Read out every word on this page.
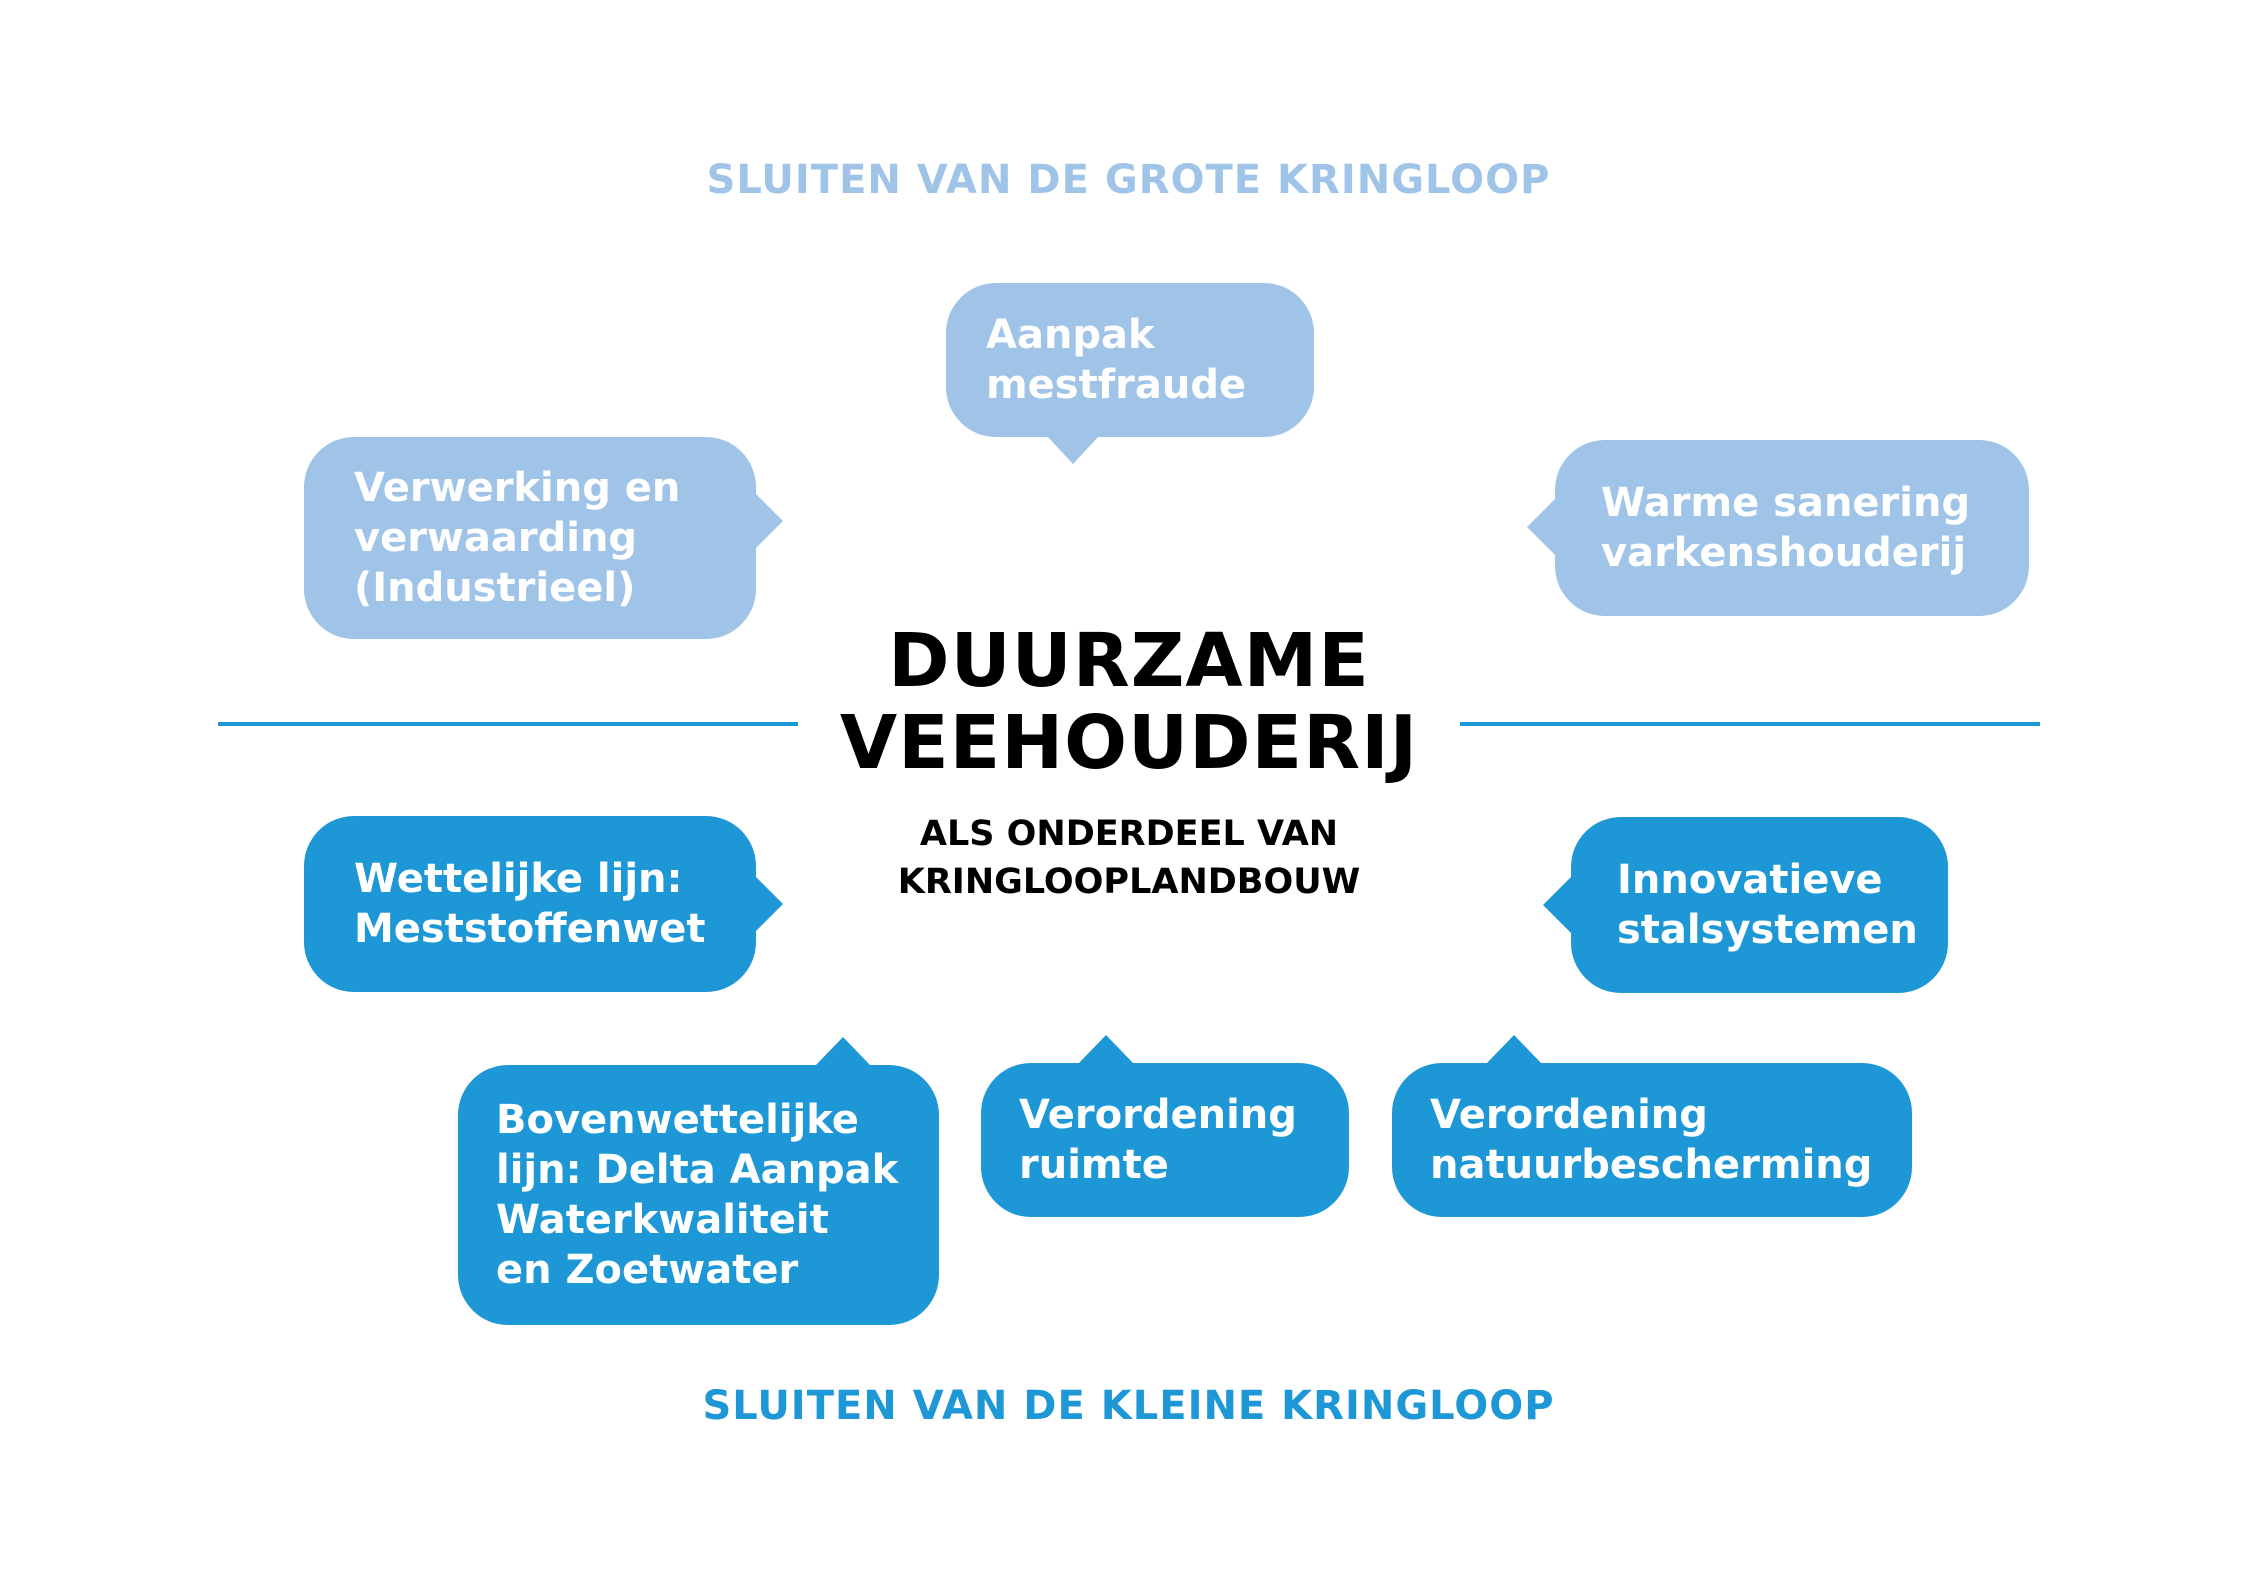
SLUITEN VAN DE GROTE KRINGLOOP
DUURZAME
VEEHOUDERIJ
ALS ONDERDEEL VAN
KRINGLOOPLANDBOUW
Aanpak
mestfraude
Verwerking en
verwaarding
(Industrieel)
Warme sanering
varkenshouderij
Wettelijke lijn:
Meststoffenwet
Innovatieve
stalsystemen
Bovenwettelijke
lijn: Delta Aanpak
Waterkwaliteit
en Zoetwater
Verordening
ruimte
Verordening
natuurbescherming
SLUITEN VAN DE KLEINE KRINGLOOP
